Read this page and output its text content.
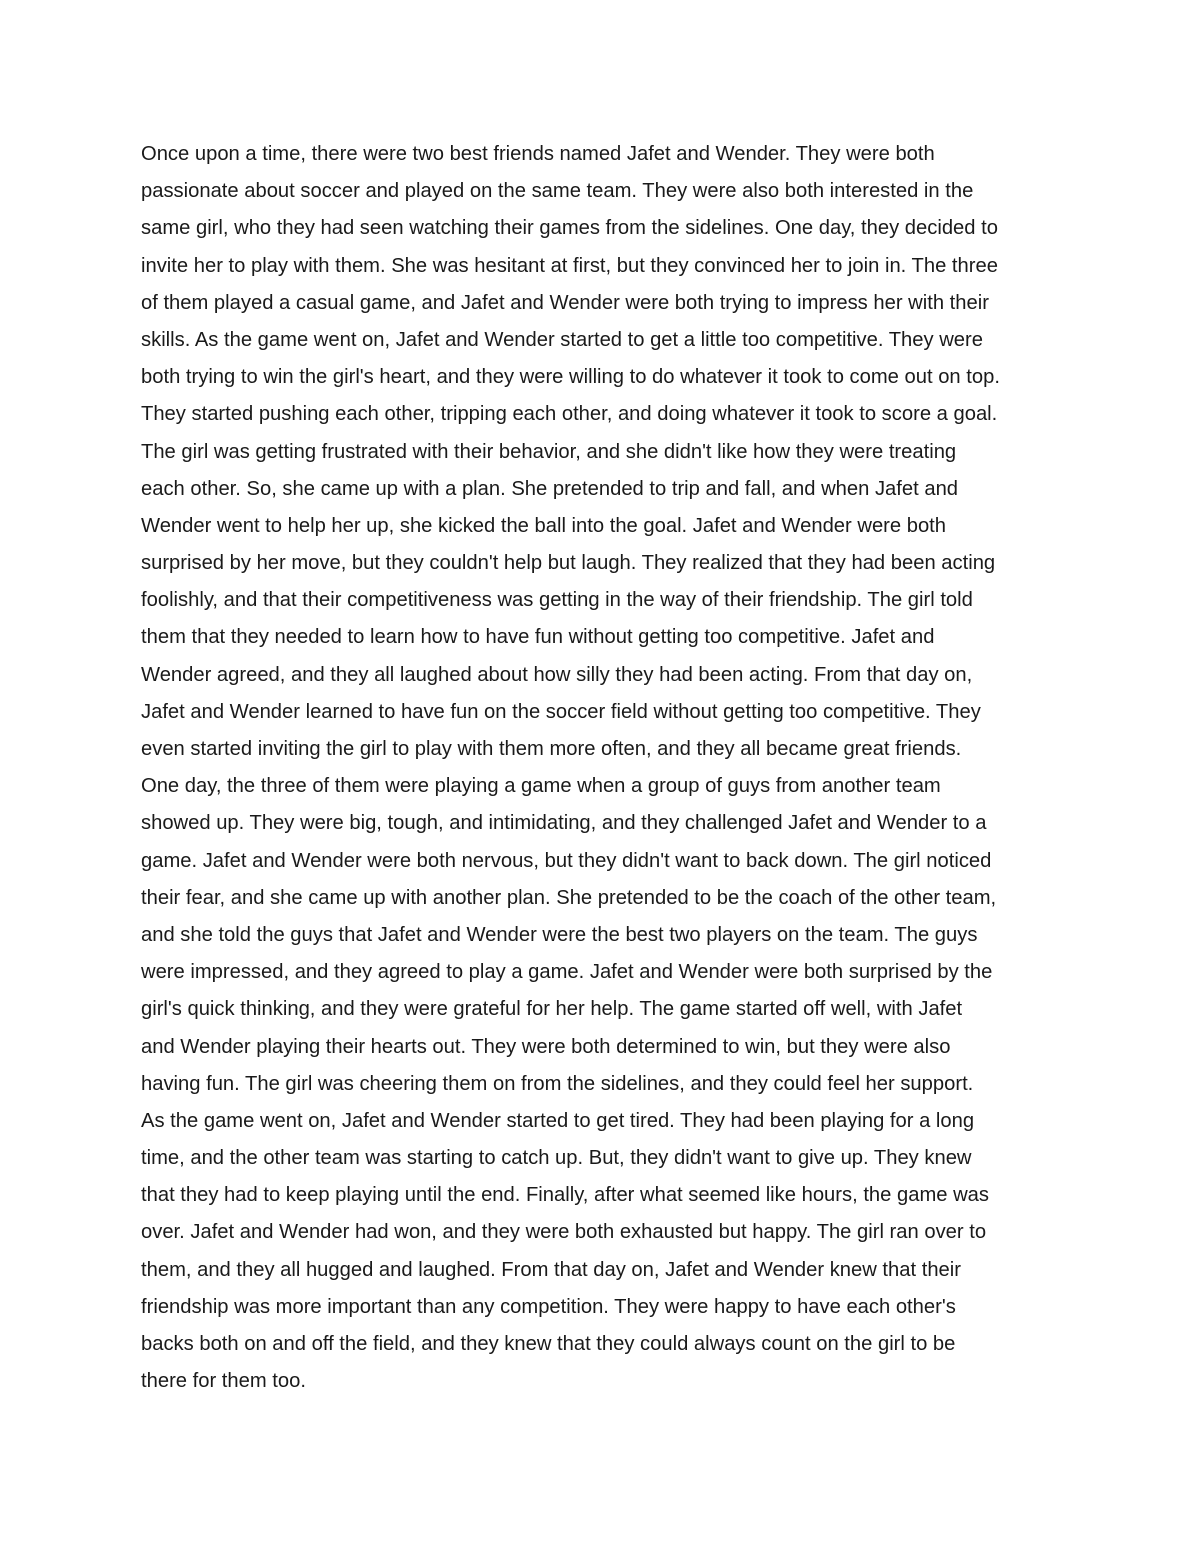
Once upon a time, there were two best friends named Jafet and Wender. They were both
passionate about soccer and played on the same team. They were also both interested in the
same girl, who they had seen watching their games from the sidelines. One day, they decided to
invite her to play with them. She was hesitant at first, but they convinced her to join in. The three
of them played a casual game, and Jafet and Wender were both trying to impress her with their
skills. As the game went on, Jafet and Wender started to get a little too competitive. They were
both trying to win the girl's heart, and they were willing to do whatever it took to come out on top.
They started pushing each other, tripping each other, and doing whatever it took to score a goal.
The girl was getting frustrated with their behavior, and she didn't like how they were treating
each other. So, she came up with a plan. She pretended to trip and fall, and when Jafet and
Wender went to help her up, she kicked the ball into the goal. Jafet and Wender were both
surprised by her move, but they couldn't help but laugh. They realized that they had been acting
foolishly, and that their competitiveness was getting in the way of their friendship. The girl told
them that they needed to learn how to have fun without getting too competitive. Jafet and
Wender agreed, and they all laughed about how silly they had been acting. From that day on,
Jafet and Wender learned to have fun on the soccer field without getting too competitive. They
even started inviting the girl to play with them more often, and they all became great friends.
One day, the three of them were playing a game when a group of guys from another team
showed up. They were big, tough, and intimidating, and they challenged Jafet and Wender to a
game. Jafet and Wender were both nervous, but they didn't want to back down. The girl noticed
their fear, and she came up with another plan. She pretended to be the coach of the other team,
and she told the guys that Jafet and Wender were the best two players on the team. The guys
were impressed, and they agreed to play a game. Jafet and Wender were both surprised by the
girl's quick thinking, and they were grateful for her help. The game started off well, with Jafet
and Wender playing their hearts out. They were both determined to win, but they were also
having fun. The girl was cheering them on from the sidelines, and they could feel her support.
As the game went on, Jafet and Wender started to get tired. They had been playing for a long
time, and the other team was starting to catch up. But, they didn't want to give up. They knew
that they had to keep playing until the end. Finally, after what seemed like hours, the game was
over. Jafet and Wender had won, and they were both exhausted but happy. The girl ran over to
them, and they all hugged and laughed. From that day on, Jafet and Wender knew that their
friendship was more important than any competition. They were happy to have each other's
backs both on and off the field, and they knew that they could always count on the girl to be
there for them too.
